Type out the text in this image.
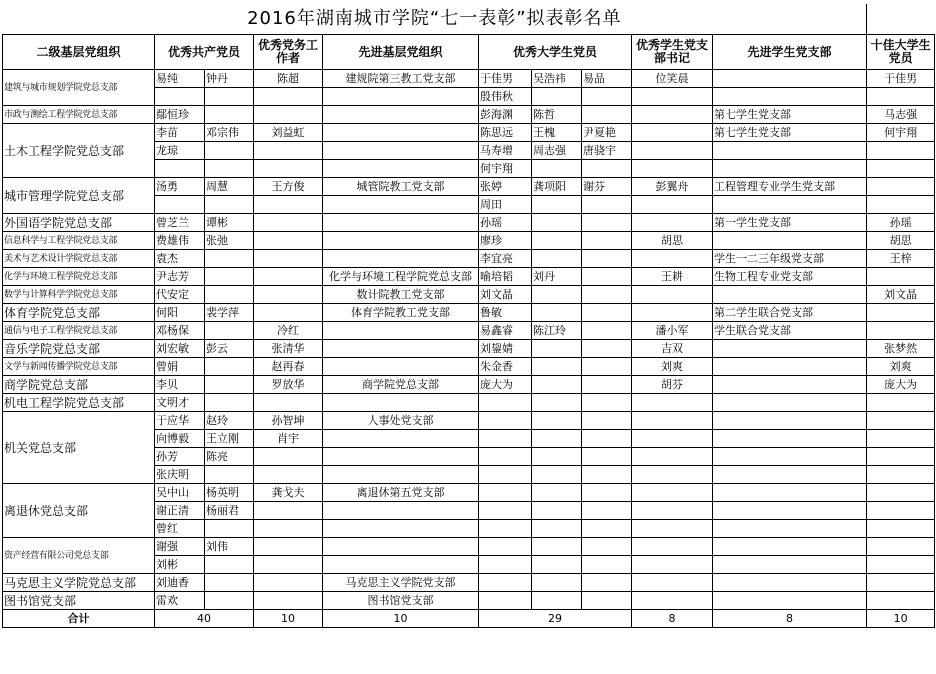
2016年湖南城市学院“七一表彰”拟表彰名单										
二级基层党组织	优秀共产党员		优秀党务工作者	先进基层党组织	优秀大学生党员			优秀学生党支部书记	先进学生党支部	十佳大学生党员
建筑与城市规划学院党总支部	易纯	钟丹	陈超	建规院第三教工党支部	于佳男	吴浩祎	易品	位笑晨		于佳男
					殷伟秋					
市政与测绘工程学院党总支部	鄢恒珍				彭海渊	陈哲			第七学生党支部	马志强
土木工程学院党总支部	李苗	邓宗伟	刘益虹		陈思远	王槐	尹夏艳		第七学生党支部	何宇翔
	龙琼				马寿增	周志强	唐骁宇			
					何宇翔					
城市管理学院党总支部	汤勇	周慧	王方俊	城管院教工党支部	张婷	龚项阳	谢芬	彭翼舟	工程管理专业学生党支部	
					周田					
外国语学院党总支部	曾芝兰	谭彬			孙瑶				第一学生党支部	孙瑶
信息科学与工程学院党总支部	费雄伟	张弛			廖珍			胡思		胡思
美术与艺术设计学院党总支部	袁杰				李宜亮				学生一二三年级党支部	王梓
化学与环境工程学院党总支部	尹志芳			化学与环境工程学院党总支部	喻培韬	刘丹		王耕	生物工程专业党支部	
数学与计算科学学院党总支部	代安定			数计院教工党支部	刘文晶					刘文晶
体育学院党总支部	何阳	裴学萍		体育学院教工党支部	鲁敏				第二学生联合党支部	
通信与电子工程学院党总支部	邓杨保		冷红		易鑫睿	陈江玲		潘小军	学生联合党支部	
音乐学院党总支部	刘宏敏	彭云	张清华		刘鋆婧			吉双		张梦然
文学与新闻传播学院党总支部	曾娟		赵再春		朱金香			刘爽		刘爽
商学院党总支部	李贝		罗放华	商学院党总支部	庞大为			胡芬		庞大为
机电工程学院党总支部	文明才									
机关党总支部	于应华	赵玲	孙智坤	人事处党支部						
	向博毅	王立刚	肖宇							
	孙芳	陈亮								
	张庆明									
离退休党总支部	吴中山	杨英明	龚戈夫	离退休第五党支部						
	谢正清	杨丽君								
	曾红									
资产经营有限公司党总支部	谢强	刘伟								
	刘彬									
马克思主义学院党总支部	刘迪香			马克思主义学院党支部						
图书馆党支部	雷欢			图书馆党支部						
合计	40		10	10	29			8	8	10
